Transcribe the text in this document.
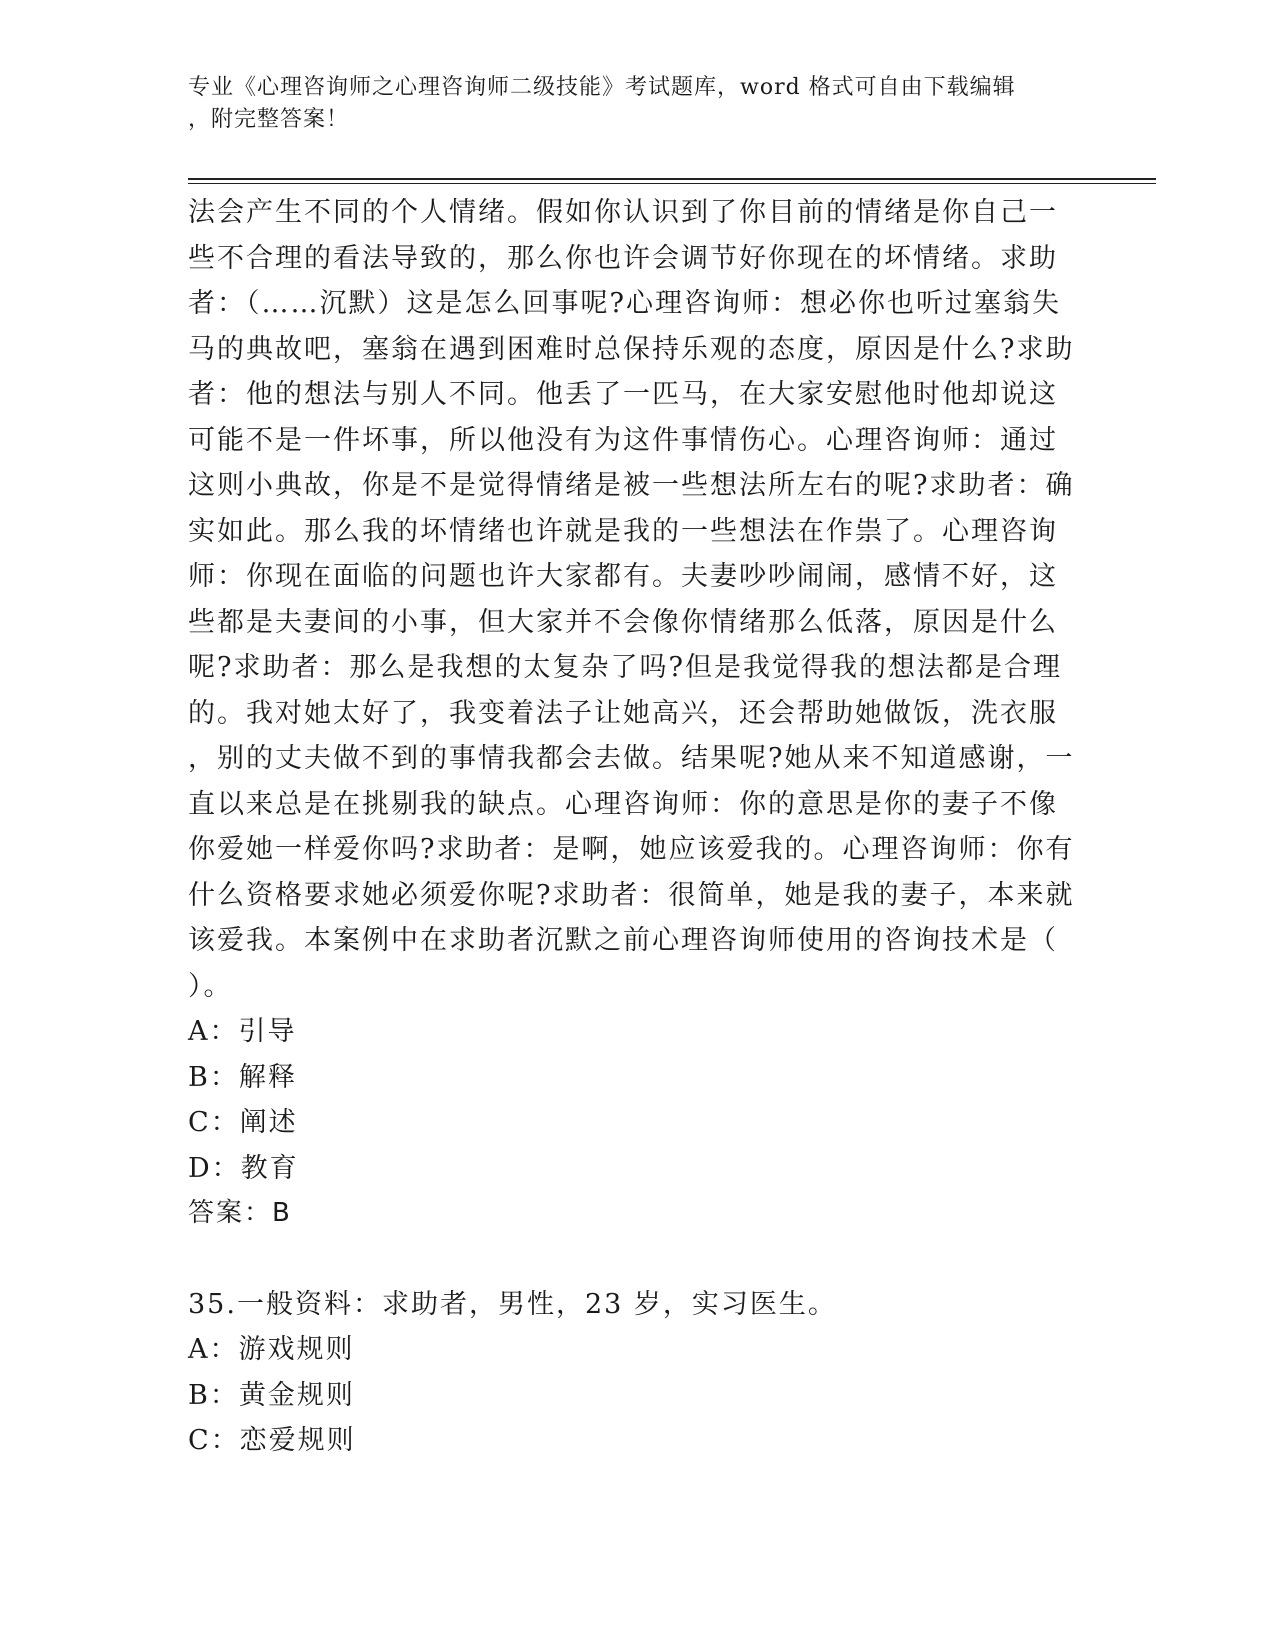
专业《心理咨询师之心理咨询师二级技能》考试题库，word 格式可自由下载编辑
，附完整答案！
法会产生不同的个人情绪。假如你认识到了你目前的情绪是你自己一
些不合理的看法导致的，那么你也许会调节好你现在的坏情绪。求助
者：（……沉默）这是怎么回事呢?心理咨询师：想必你也听过塞翁失
马的典故吧，塞翁在遇到困难时总保持乐观的态度，原因是什么?求助
者：他的想法与别人不同。他丢了一匹马，在大家安慰他时他却说这
可能不是一件坏事，所以他没有为这件事情伤心。心理咨询师：通过
这则小典故，你是不是觉得情绪是被一些想法所左右的呢?求助者：确
实如此。那么我的坏情绪也许就是我的一些想法在作祟了。心理咨询
师：你现在面临的问题也许大家都有。夫妻吵吵闹闹，感情不好，这
些都是夫妻间的小事，但大家并不会像你情绪那么低落，原因是什么
呢?求助者：那么是我想的太复杂了吗?但是我觉得我的想法都是合理
的。我对她太好了，我变着法子让她高兴，还会帮助她做饭，洗衣服
，别的丈夫做不到的事情我都会去做。结果呢?她从来不知道感谢，一
直以来总是在挑剔我的缺点。心理咨询师：你的意思是你的妻子不像
你爱她一样爱你吗?求助者：是啊，她应该爱我的。心理咨询师：你有
什么资格要求她必须爱你呢?求助者：很简单，她是我的妻子，本来就
该爱我。本案例中在求助者沉默之前心理咨询师使用的咨询技术是（
）。
A：引导
B：解释
C：阐述
D：教育
答案：B
35.一般资料：求助者，男性，23 岁，实习医生。
A：游戏规则
B：黄金规则
C：恋爱规则
